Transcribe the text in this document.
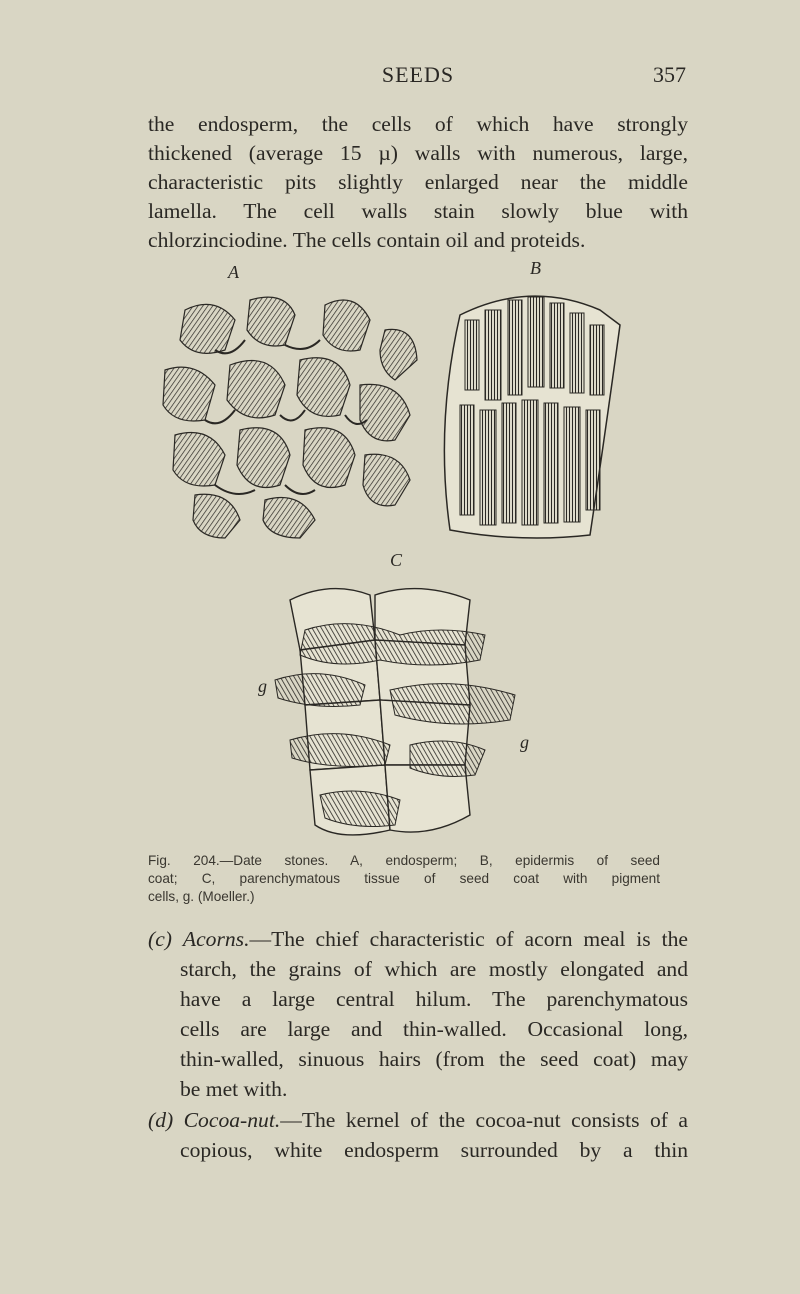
SEEDS	357
the endosperm, the cells of which have strongly
thickened (average 15 µ) walls with numerous, large,
characteristic pits slightly enlarged near the middle
lamella. The cell walls stain slowly blue with
chlorzinciodine. The cells contain oil and proteids.
A	B
C
g
g
Fig. 204.—Date stones. A, endosperm; B, epidermis of seed
coat; C, parenchymatous tissue of seed coat with pigment
cells, g. (Moeller.)
(c) Acorns.—The chief characteristic of acorn meal is the
starch, the grains of which are mostly elongated and
have a large central hilum. The parenchymatous
cells are large and thin-walled. Occasional long,
thin-walled, sinuous hairs (from the seed coat) may
be met with.
(d) Cocoa-nut.—The kernel of the cocoa-nut consists of a
copious, white endosperm surrounded by a thin
